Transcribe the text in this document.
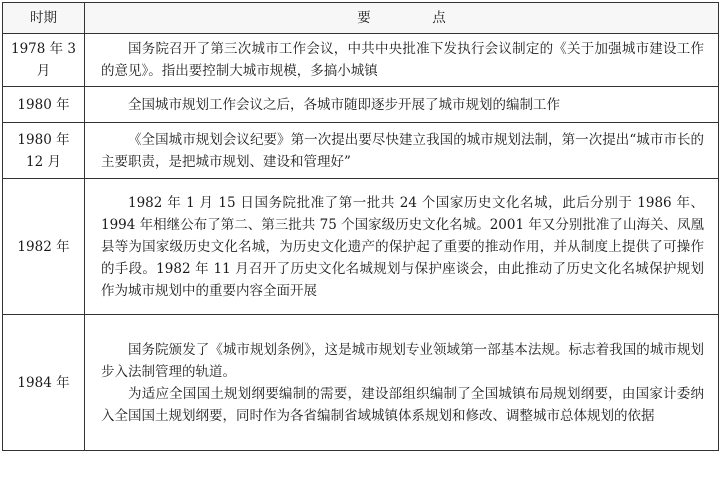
时期	要　点
1978 年 3 月	国务院召开了第三次城市工作会议，中共中央批准下发执行会议制定的《关于加强城市建设工作的意见》。指出要控制大城市规模，多搞小城镇

1980 年	全国城市规划工作会议之后，各城市随即逐步开展了城市规划的编制工作

1980 年 12 月	《全国城市规划会议纪要》第一次提出要尽快建立我国的城市规划法制，第一次提出“城市市长的主要职责，是把城市规划、建设和管理好”

1982 年	1982 年 1 月 15 日国务院批准了第一批共 24 个国家历史文化名城，此后分别于 1986 年、1994 年相继公布了第二、第三批共 75 个国家级历史文化名城。2001 年又分别批准了山海关、凤凰县等为国家级历史文化名城，为历史文化遗产的保护起了重要的推动作用，并从制度上提供了可操作的手段。1982 年 11 月召开了历史文化名城规划与保护座谈会，由此推动了历史文化名城保护规划作为城市规划中的重要内容全面开展

1984 年	国务院颁发了《城市规划条例》，这是城市规划专业领域第一部基本法规。标志着我国的城市规划步入法制管理的轨道。
为适应全国国土规划纲要编制的需要，建设部组织编制了全国城镇布局规划纲要，由国家计委纳入全国国土规划纲要，同时作为各省编制省域城镇体系规划和修改、调整城市总体规划的依据
